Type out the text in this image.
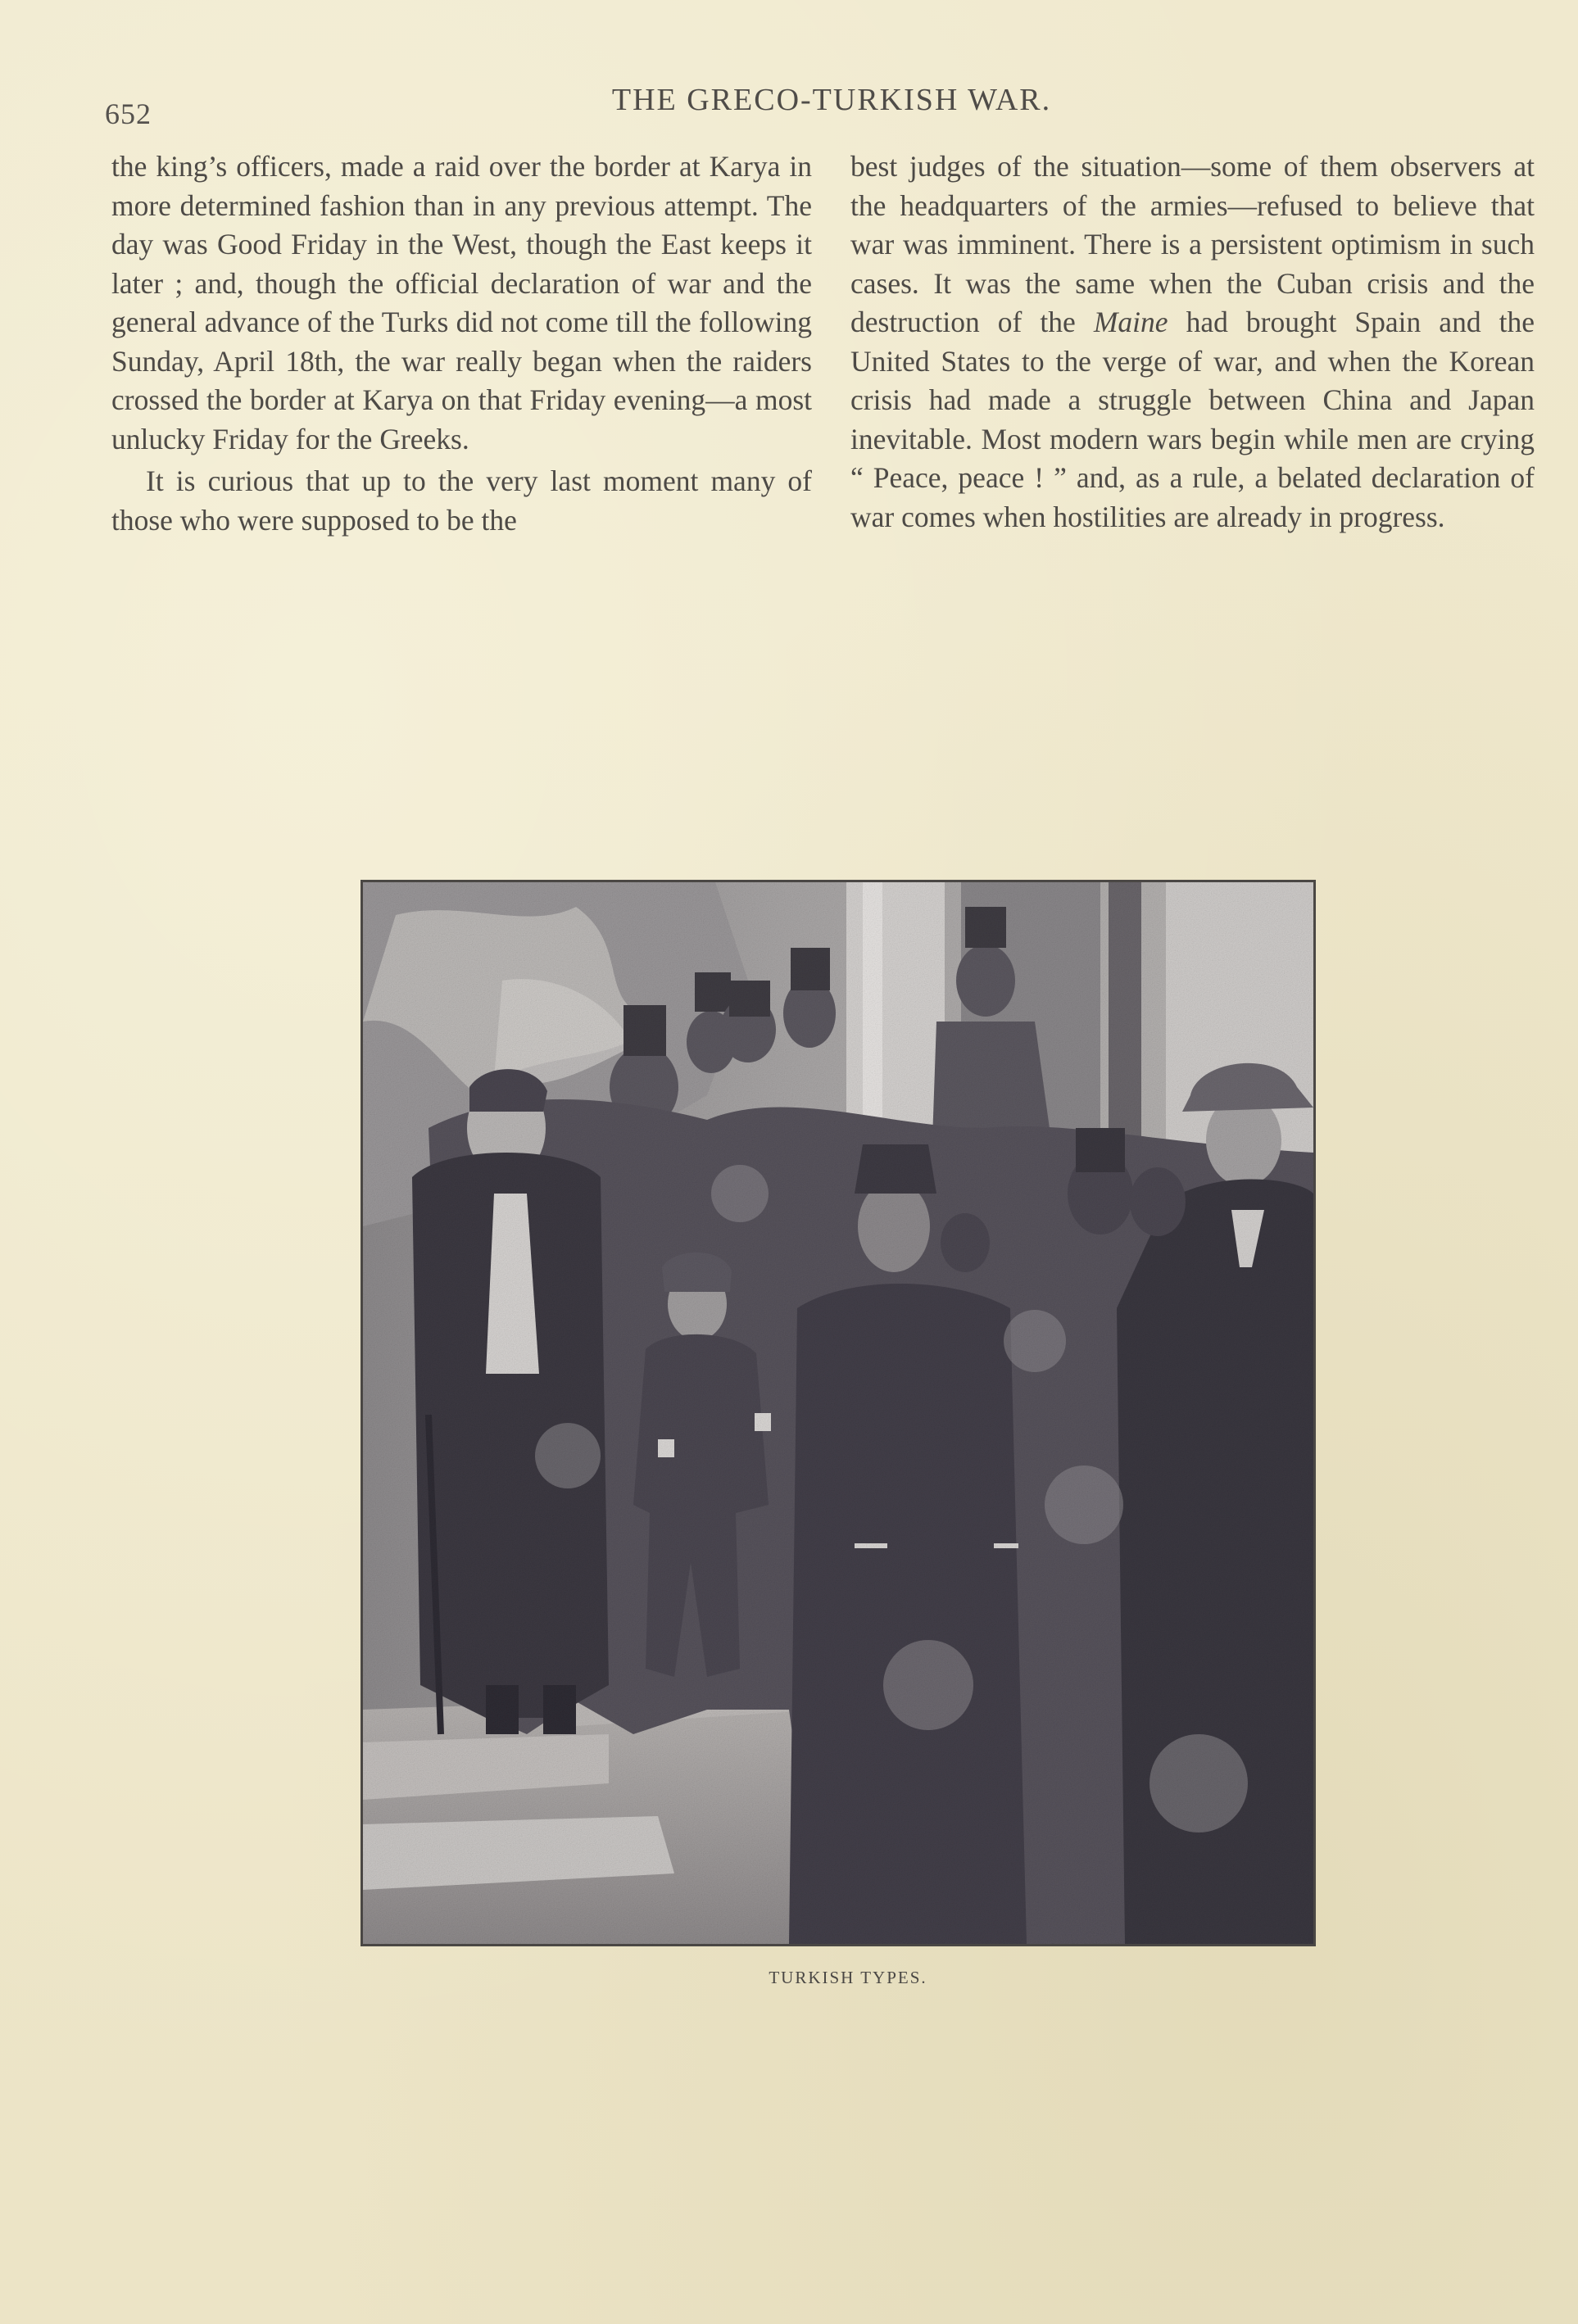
652	THE GRECO-TURKISH WAR.

the king’s officers, made a raid over the border at Karya in more determined fashion than in any previous attempt. The day was Good Friday in the West, though the East keeps it later ; and, though the official declaration of war and the general advance of the Turks did not come till the following Sunday, April 18th, the war really began when the raiders crossed the border at Karya on that Friday evening—a most unlucky Friday for the Greeks.

It is curious that up to the very last moment many of those who were supposed to be the

best judges of the situation—some of them observers at the headquarters of the armies—refused to believe that war was imminent. There is a persistent optimism in such cases. It was the same when the Cuban crisis and the destruction of the Maine had brought Spain and the United States to the verge of war, and when the Korean crisis had made a struggle between China and Japan inevitable. Most modern wars begin while men are crying “ Peace, peace ! ” and, as a rule, a belated declaration of war comes when hostilities are already in progress.

TURKISH TYPES.
